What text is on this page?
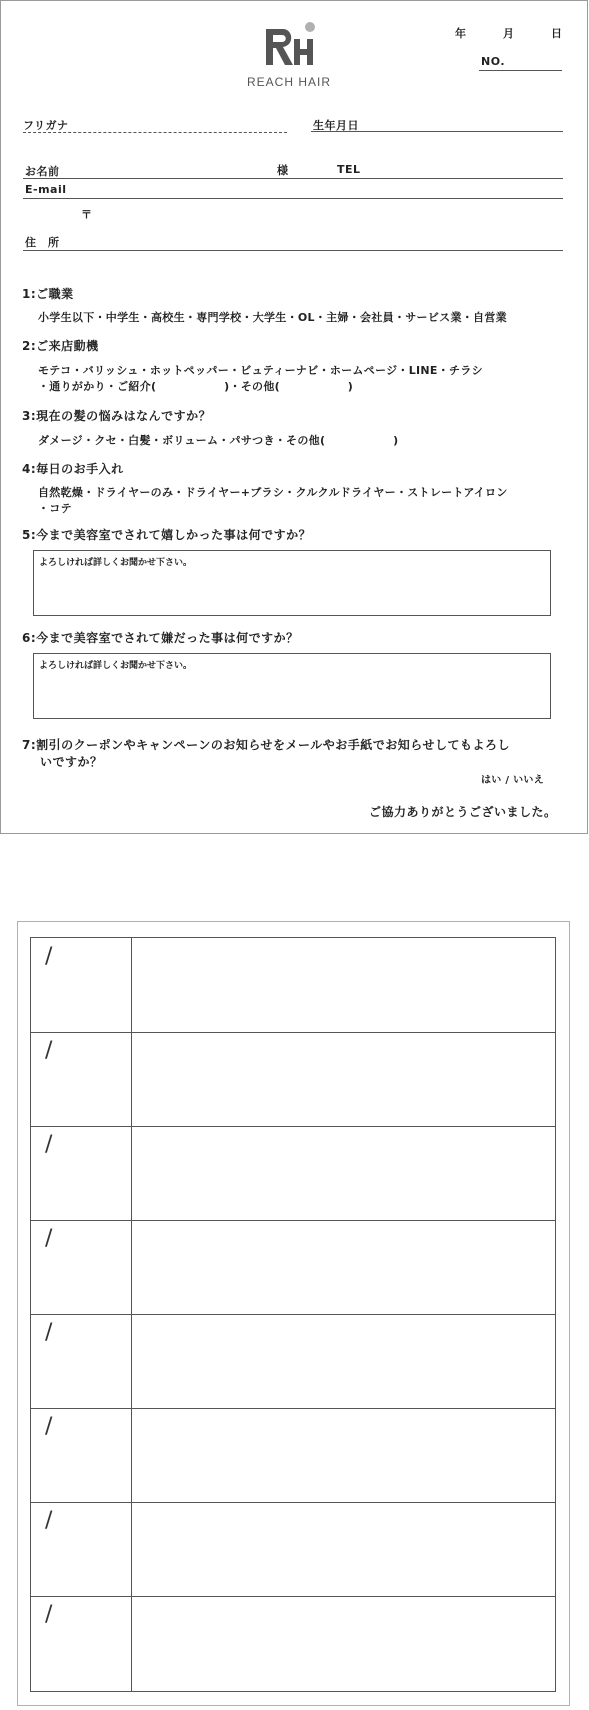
REACH HAIR
年	月	日
NO.
フリガナ	生年月日
お名前	様	TEL
E-mail
〒
住　所
1:ご職業
小学生以下・中学生・高校生・専門学校・大学生・OL・主婦・会社員・サービス業・自営業
2:ご来店動機
モテコ・バリッシュ・ホットペッパー・ビュティーナビ・ホームページ・LINE・チラシ
・通りがかり・ご紹介(　　　　　　)・その他(　　　　　　)
3:現在の髪の悩みはなんですか？
ダメージ・クセ・白髪・ボリューム・パサつき・その他(　　　　　　)
4:毎日のお手入れ
自然乾燥・ドライヤーのみ・ドライヤー+ブラシ・クルクルドライヤー・ストレートアイロン
・コテ
5:今まで美容室でされて嬉しかった事は何ですか？
よろしければ詳しくお聞かせ下さい。
6:今まで美容室でされて嫌だった事は何ですか？
よろしければ詳しくお聞かせ下さい。
7:割引のクーポンやキャンペーンのお知らせをメールやお手紙でお知らせしてもよろし
いですか？
はい / いいえ
ご協力ありがとうございました。
/
/
/
/
/
/
/
/
